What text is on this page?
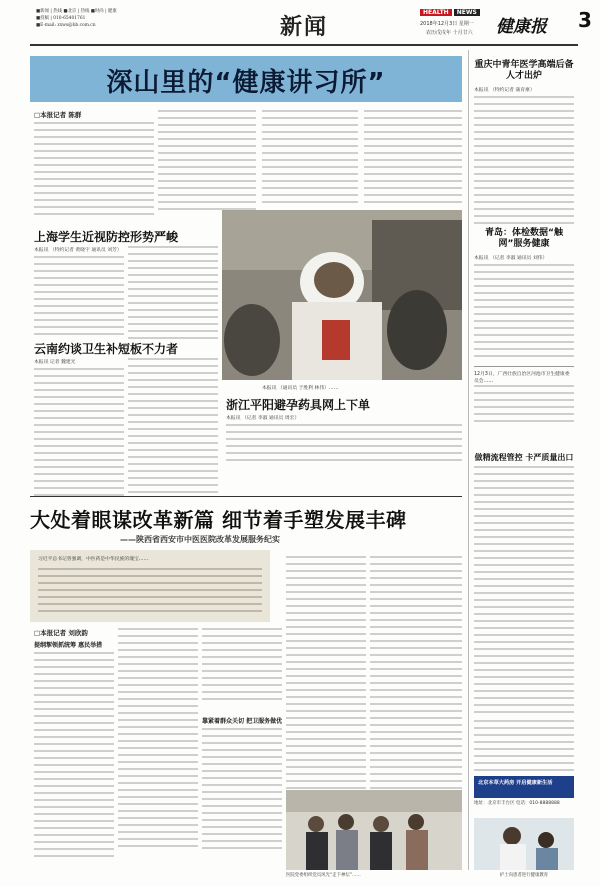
■新闻 | 热线 ■北京 | 热线 ■时尚 | 健康
■投稿 | 010-65401761
■E-mail: zxws@bb.com.cn	新闻
HEALTH	NEWS
2018年12月3日 星期一
农历戊戌年 十月廿六 健康报 3
深山里的“健康讲习所”
□本报记者 陈群
上海学生近视防控形势严峻
本报讯 （特约记者 黄晓宇 通讯员 刘芳）
云南约谈卫生补短板不力者
本报讯 记者 魏建光
本报讯 （通讯员 于胜利 林伟）……
浙江平阳避孕药具网上下单
本报讯 （记者 李淑 通讯员 周宏）
重庆中青年医学高端后备人才出炉
本报讯 （特约记者 蒲育豪）
青岛：体检数据“触网”服务健康
本报讯 （记者 李淑 通讯员 刘伟）
12月3日，广西壮族自治区河池市卫生健康委员会……
大处着眼谋改革新篇 细节着手塑发展丰碑
——陕西省西安市中医医院改革发展服务纪实
习近平总书记曾强调，中医药是中华民族的瑰宝……
□本报记者 刘欣韵
提纲挈领抓统筹 惠民举措
靠紧着群众关切 把卫服务做优
做精流程管控 卡严质量出口
北京本草大药房 开启健康新生活
地址：北京市丰台区 电话：010-8888888
医院党委组织党员风光“走下神坛”……	护士向患者进行健康教育
